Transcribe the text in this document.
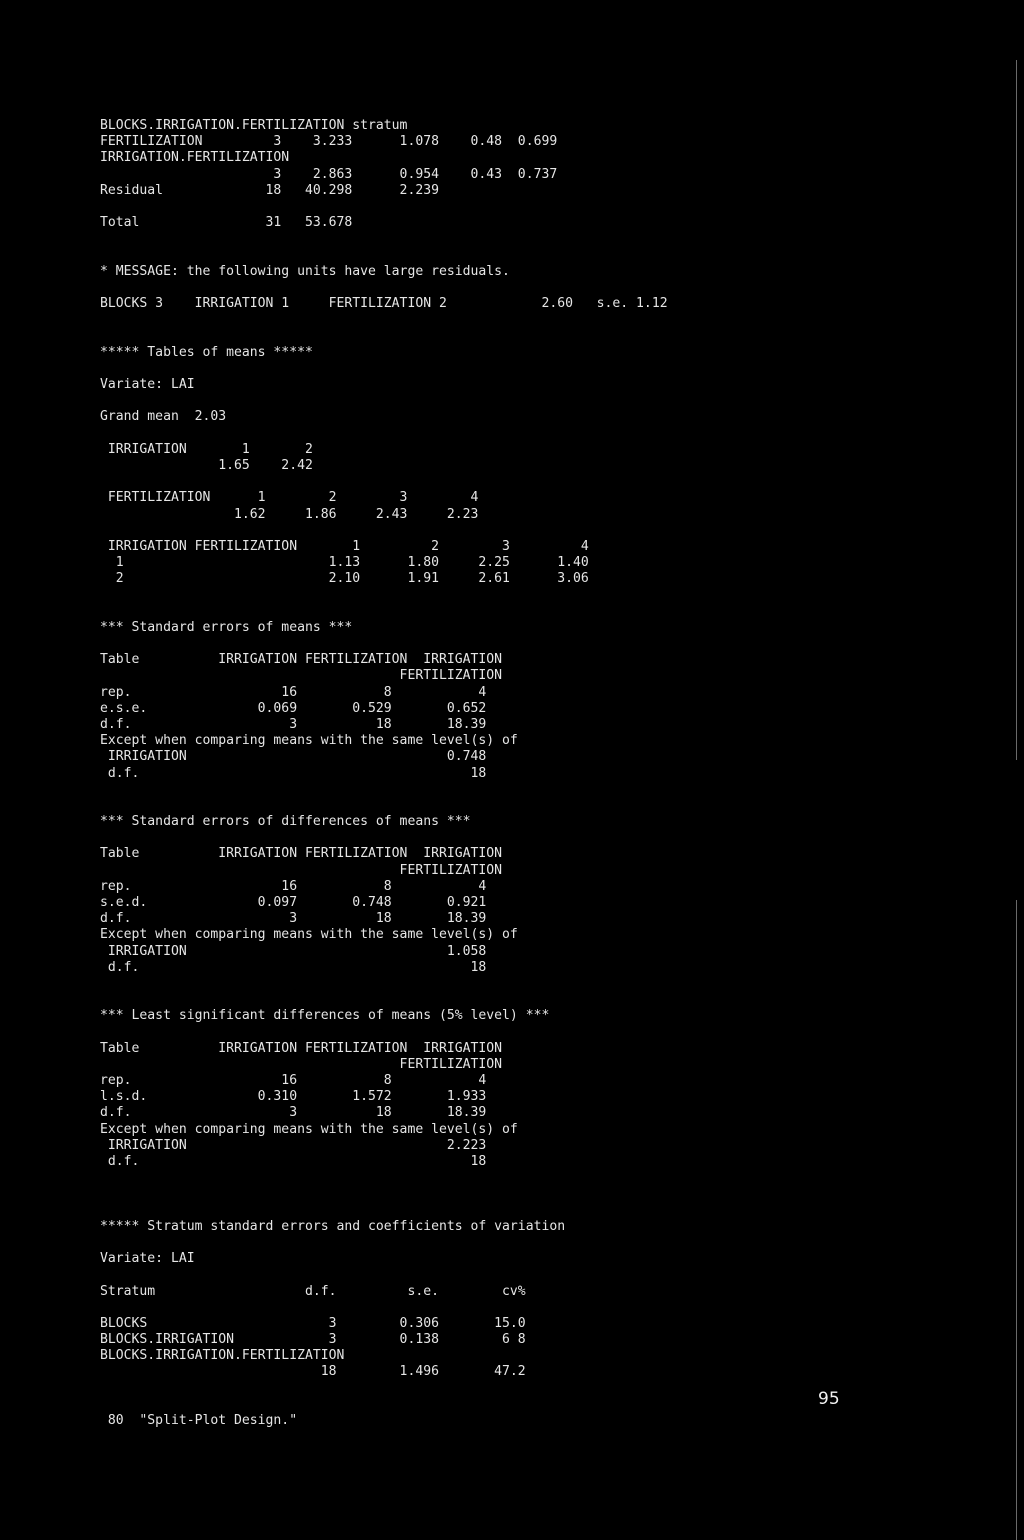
BLOCKS.IRRIGATION.FERTILIZATION stratum
FERTILIZATION         3    3.233      1.078    0.48  0.699
IRRIGATION.FERTILIZATION
3    2.863      0.954    0.43  0.737
Residual             18   40.298      2.239
Total                31   53.678
* MESSAGE: the following units have large residuals.
BLOCKS 3    IRRIGATION 1     FERTILIZATION 2            2.60   s.e. 1.12
***** Tables of means *****
Variate: LAI
Grand mean  2.03
IRRIGATION       1       2
1.65    2.42
FERTILIZATION      1        2        3        4
1.62     1.86     2.43     2.23
IRRIGATION FERTILIZATION       1         2        3         4
1                          1.13      1.80     2.25      1.40
2                          2.10      1.91     2.61      3.06
*** Standard errors of means ***
Table          IRRIGATION FERTILIZATION  IRRIGATION
FERTILIZATION
rep.                   16           8           4
e.s.e.              0.069       0.529       0.652
d.f.                    3          18       18.39
Except when comparing means with the same level(s) of
IRRIGATION                                 0.748
d.f.                                          18
*** Standard errors of differences of means ***
Table          IRRIGATION FERTILIZATION  IRRIGATION
FERTILIZATION
rep.                   16           8           4
s.e.d.              0.097       0.748       0.921
d.f.                    3          18       18.39
Except when comparing means with the same level(s) of
IRRIGATION                                 1.058
d.f.                                          18
*** Least significant differences of means (5% level) ***
Table          IRRIGATION FERTILIZATION  IRRIGATION
FERTILIZATION
rep.                   16           8           4
l.s.d.              0.310       1.572       1.933
d.f.                    3          18       18.39
Except when comparing means with the same level(s) of
IRRIGATION                                 2.223
d.f.                                          18
***** Stratum standard errors and coefficients of variation
Variate: LAI
Stratum                   d.f.         s.e.        cv%
BLOCKS                       3        0.306       15.0
BLOCKS.IRRIGATION            3        0.138        6 8
BLOCKS.IRRIGATION.FERTILIZATION
18        1.496       47.2
80  "Split-Plot Design."
95
